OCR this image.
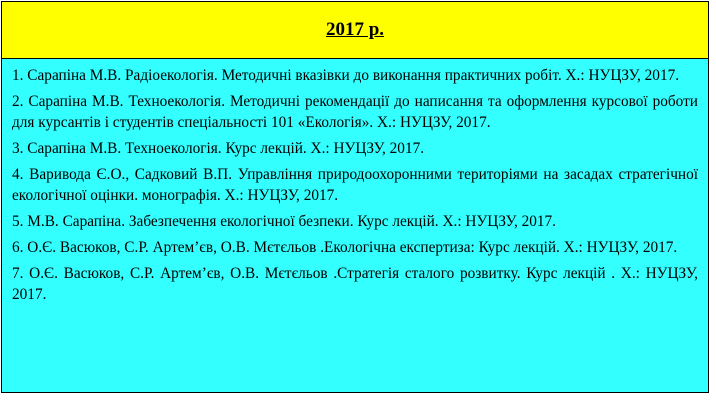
2017 р.

1. Сарапіна М.В. Радіоекологія. Методичні вказівки до виконання практичних робіт. Х.: НУЦЗУ, 2017.

2. Сарапіна М.В. Техноекологія. Методичні рекомендації до написання та оформлення курсової роботи для курсантів і студентів спеціальності 101 «Екологія». Х.: НУЦЗУ, 2017.

3. Сарапіна М.В. Техноекологія. Курс лекцій. Х.: НУЦЗУ, 2017.

4. Варивода Є.О., Садковий В.П. Управління природоохоронними територіями на засадах стратегічної екологічної оцінки. монографія. Х.: НУЦЗУ, 2017.

5. М.В. Сарапіна. Забезпечення екологічної безпеки. Курс лекцій. Х.: НУЦЗУ, 2017.

6. О.Є. Васюков, С.Р. Артем’єв, О.В. Мєтєльов .Екологічна експертиза: Курс лекцій. Х.: НУЦЗУ, 2017.

7. О.Є. Васюков, С.Р. Артем’єв, О.В. Мєтєльов .Стратегія сталого розвитку. Курс лекцій . Х.: НУЦЗУ, 2017.
